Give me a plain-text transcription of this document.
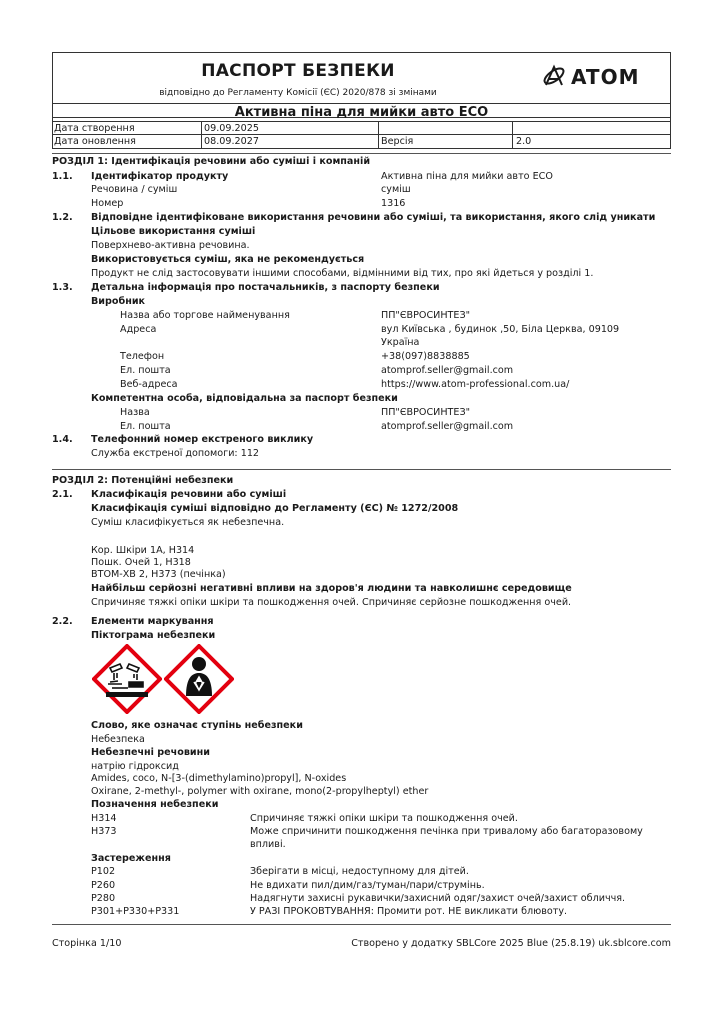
ПАСПОРТ БЕЗПЕКИ
відповідно до Регламенту Комісії (ЄС) 2020/878 зі змінами
ATOM
Активна піна для мийки авто ECO
Дата створення	09.09.2025
Дата оновлення	08.09.2027	Версія	2.0
РОЗДІЛ 1: Ідентифікація речовини або суміші і компаній
1.1. Ідентифікатор продукту	Активна піна для мийки авто ECO
Речовина / суміш	суміш
Номер	1316
1.2. Відповідне ідентифіковане використання речовини або суміші, та використання, якого слід уникати
Цільове використання суміші
Поверхнево-активна речовина.
Використовується суміш, яка не рекомендується
Продукт не слід застосовувати іншими способами, відмінними від тих, про які йдеться у розділі 1.
1.3. Детальна інформація про постачальників, з паспорту безпеки
Виробник
Назва або торгове найменування	ПП"ЄВРОСИНТЕЗ"
Адреса	вул Київська , будинок ,50, Біла Церква, 09109
Україна
Телефон	+38(097)8838885
Ел. пошта	atomprof.seller@gmail.com
Веб-адреса	https://www.atom-professional.com.ua/
Компетентна особа, відповідальна за паспорт безпеки
Назва	ПП"ЄВРОСИНТЕЗ"
Ел. пошта	atomprof.seller@gmail.com
1.4. Телефонний номер екстреного виклику
Служба екстреної допомоги: 112
РОЗДІЛ 2: Потенційні небезпеки
2.1. Класифікація речовини або суміші
Класифікація суміші відповідно до Регламенту (ЄС) № 1272/2008
Суміш класифікується як небезпечна.
Кор. Шкіри 1A, H314
Пошк. Очей 1, H318
ВТОМ-ХВ 2, H373 (печінка)
Найбільш серйозні негативні впливи на здоров'я людини та навколишнє середовище
Спричиняє тяжкі опіки шкіри та пошкодження очей. Спричиняє серйозне пошкодження очей.
2.2. Елементи маркування
Піктограма небезпеки
Слово, яке означає ступінь небезпеки
Небезпека
Небезпечні речовини
натрію гідроксид
Amides, coco, N-[3-(dimethylamino)propyl], N-oxides
Oxirane, 2-methyl-, polymer with oxirane, mono(2-propylheptyl) ether
Позначення небезпеки
H314	Спричиняє тяжкі опіки шкіри та пошкодження очей.
H373	Може спричинити пошкодження печінка при тривалому або багаторазовому
впливі.
Застереження
P102	Зберігати в місці, недоступному для дітей.
P260	Не вдихати пил/дим/газ/туман/пари/струмінь.
P280	Надягнути захисні рукавички/захисний одяг/захист очей/захист обличчя.
P301+P330+P331	У РАЗІ ПРОКОВТУВАННЯ: Промити рот. НЕ викликати блювоту.
Сторінка 1/10	Створено у додатку SBLCore 2025 Blue (25.8.19) uk.sblcore.com
